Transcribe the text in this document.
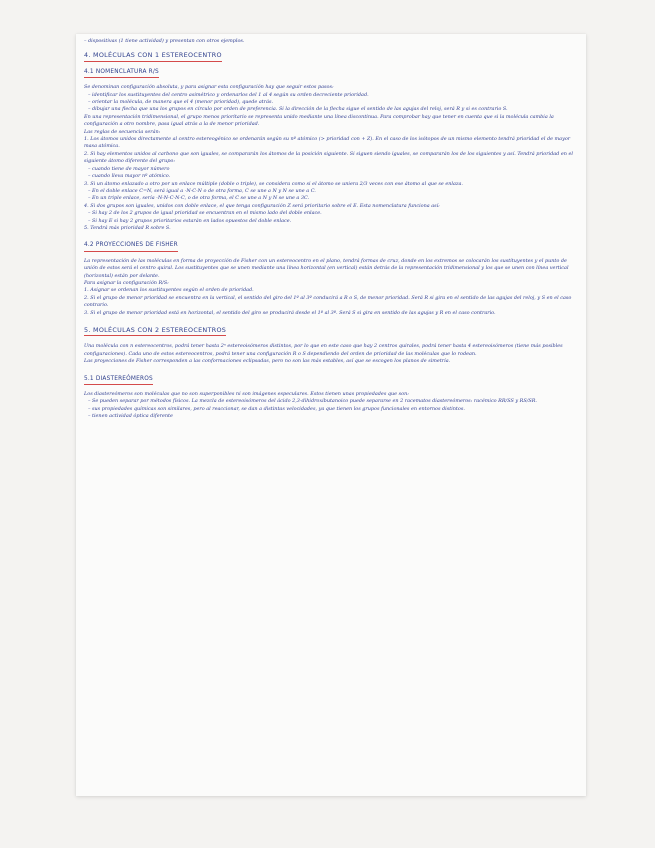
– dispositivas (1 tiene actividad) y presentan con otros ejemplos.

4. MOLÉCULAS CON 1 ESTEREOCENTRO
4.1 NOMENCLATURA R/S

Se denominan configuración absoluta, y para asignar esta configuración hay que seguir estos pasos:

– identificar los sustituyentes del centro asimétrico y ordenarlos del 1 al 4 según su orden decreciente prioridad.

– orientar la molécula, de manera que el 4 (menor prioridad), quede atrás.

– dibujar una flecha que una los grupos en círculo por orden de preferencia. Si la dirección de la flecha sigue el sentido de las agujas del reloj, será R y si es contrario S.

En una representación tridimensional, el grupo menos prioritario se representa unido mediante una línea discontinua. Para comprobar hay que tener en cuenta que si la molécula cambia la configuración a otro nombre, pasa igual atrás a la de menor prioridad.

Las reglas de secuencia serán:

1. Los átomos unidos directamente al centro estereogénico se ordenarán según su nº atómico (> prioridad con + Z). En el caso de los isótopos de un mismo elemento tendrá prioridad el de mayor masa atómica.

2. Si hay elementos unidos al carbono que son iguales, se compararán los átomos de la posición siguiente. Si siguen siendo iguales, se compararán los de los siguientes y así. Tendrá prioridad en el siguiente átomo diferente del grupo:

– cuando tiene de mayor número

– cuando lleva mayor nº atómico.

3. Si un átomo enlazado a otro por un enlace múltiple (doble o triple), se considera como si el átomo se uniera 2/3 veces con ese átomo al que se enlaza.

– En el doble enlace C=N, será igual a -N-C-N o de otra forma, C se une a N y N se une a C.

– En un triple enlace, sería -N-N-C-N-C, o de otra forma, el C se une a N y N se une a 3C.

4. Si dos grupos son iguales, unidos con doble enlace, el que tenga configuración Z será prioritario sobre el E. Esta nomenclatura funciona así:

– Si hay 2 de los 2 grupos de igual prioridad se encuentran en el mismo lado del doble enlace.

– Si hay E si hay 2 grupos prioritarios estarán en lados opuestos del doble enlace.

5. Tendrá más prioridad R sobre S.

4.2 PROYECCIONES DE FISHER

La representación de las moléculas en forma de proyección de Fisher con un estereocentro en el plano, tendrá formas de cruz, donde en los extremos se colocarán los sustituyentes y el punto de unión de estos será el centro quiral. Los sustituyentes que se unen mediante una línea horizontal (en vertical) están detrás de la representación tridimensional y los que se unen con línea vertical (horizontal) están por delante.

Para asignar la configuración R/S:

1. Asignar se ordenan los sustituyentes según el orden de prioridad.

2. Si el grupo de menor prioridad se encuentra en la vertical, el sentido del giro del 1º al 3º conducirá a R o S, de menor prioridad. Será R si gira en el sentido de las agujas del reloj, y S en el caso contrario.

3. Si el grupo de menor prioridad está en horizontal, el sentido del giro se producirá desde el 1º al 3º. Será S si gira en sentido de las agujas y R en el caso contrario.

5. MOLÉCULAS CON 2 ESTEREOCENTROS

Una molécula con n estereocentros, podrá tener hasta 2ⁿ estereoisómeros distintos, por lo que en este caso que hay 2 centros quirales, podrá tener hasta 4 estereoisómeros (tiene más posibles configuraciones). Cada uno de estos estereocentros, podrá tener una configuración R o S dependiendo del orden de prioridad de las moléculas que lo rodean.

Las proyecciones de Fisher corresponden a las conformaciones eclipsadas, pero no son las más estables, así que se escogen los planos de simetría.

5.1 DIASTEREÓMEROS

Los diastereómeros son moléculas que no son superponibles ni son imágenes especulares. Estos tienen unas propiedades que son:

– Se pueden separar por métodos físicos. La mezcla de estereoisómeros del ácido 2,3-dihidroxibutanoico puede separarse en 2 racematos diastereómeros: racémico RR/SS y RS/SR.

– sus propiedades químicas son similares, pero al reaccionar, se dan a distintas velocidades, ya que tienen los grupos funcionales en entornos distintos.

– tienen actividad óptica diferente
